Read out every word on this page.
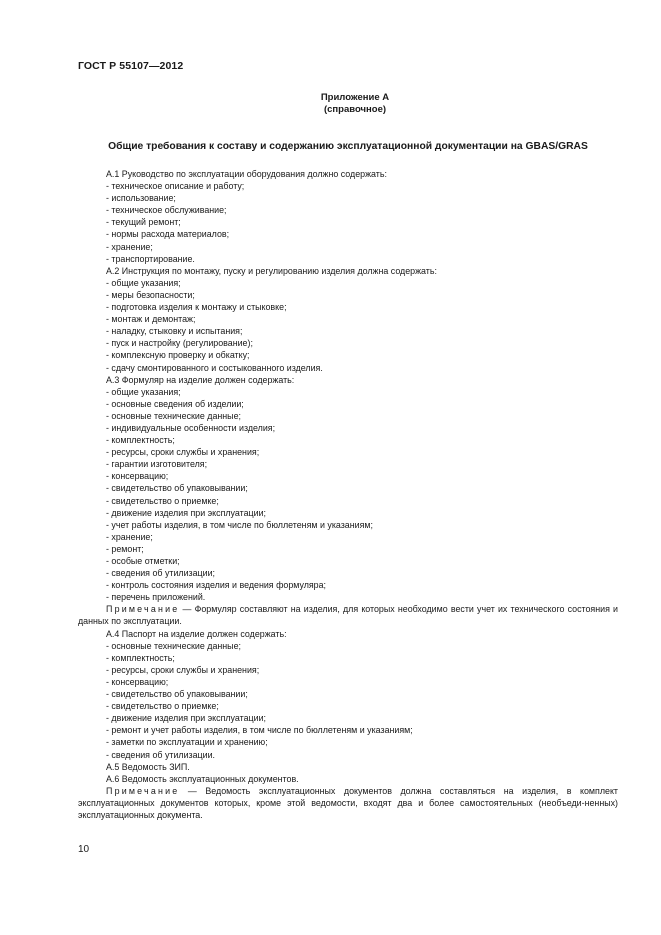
ГОСТ Р 55107—2012
Приложение А
(справочное)
Общие требования к составу и содержанию эксплуатационной документации на GBAS/GRAS
А.1 Руководство по эксплуатации оборудования должно содержать:
- техническое описание и работу;
- использование;
- техническое обслуживание;
- текущий ремонт;
- нормы расхода материалов;
- хранение;
- транспортирование.
А.2 Инструкция по монтажу, пуску и регулированию изделия должна содержать:
- общие указания;
- меры безопасности;
- подготовка изделия к монтажу и стыковке;
- монтаж и демонтаж;
- наладку, стыковку и испытания;
- пуск и настройку (регулирование);
- комплексную проверку и обкатку;
- сдачу смонтированного и состыкованного изделия.
А.3 Формуляр на изделие должен содержать:
- общие указания;
- основные сведения об изделии;
- основные технические данные;
- индивидуальные особенности изделия;
- комплектность;
- ресурсы, сроки службы и хранения;
- гарантии изготовителя;
- консервацию;
- свидетельство об упаковывании;
- свидетельство о приемке;
- движение изделия при эксплуатации;
- учет работы изделия, в том числе по бюллетеням и указаниям;
- хранение;
- ремонт;
- особые отметки;
- сведения об утилизации;
- контроль состояния изделия и ведения формуляра;
- перечень приложений.
Примечание — Формуляр составляют на изделия, для которых необходимо вести учет их технического состояния и данных по эксплуатации.
А.4 Паспорт на изделие должен содержать:
- основные технические данные;
- комплектность;
- ресурсы, сроки службы и хранения;
- консервацию;
- свидетельство об упаковывании;
- свидетельство о приемке;
- движение изделия при эксплуатации;
- ремонт и учет работы изделия, в том числе по бюллетеням и указаниям;
- заметки по эксплуатации и хранению;
- сведения об утилизации.
А.5 Ведомость ЗИП.
А.6 Ведомость эксплуатационных документов.
Примечание — Ведомость эксплуатационных документов должна составляться на изделия, в комплект эксплуатационных документов которых, кроме этой ведомости, входят два и более самостоятельных (необъеди-ненных) эксплуатационных документа.
10
